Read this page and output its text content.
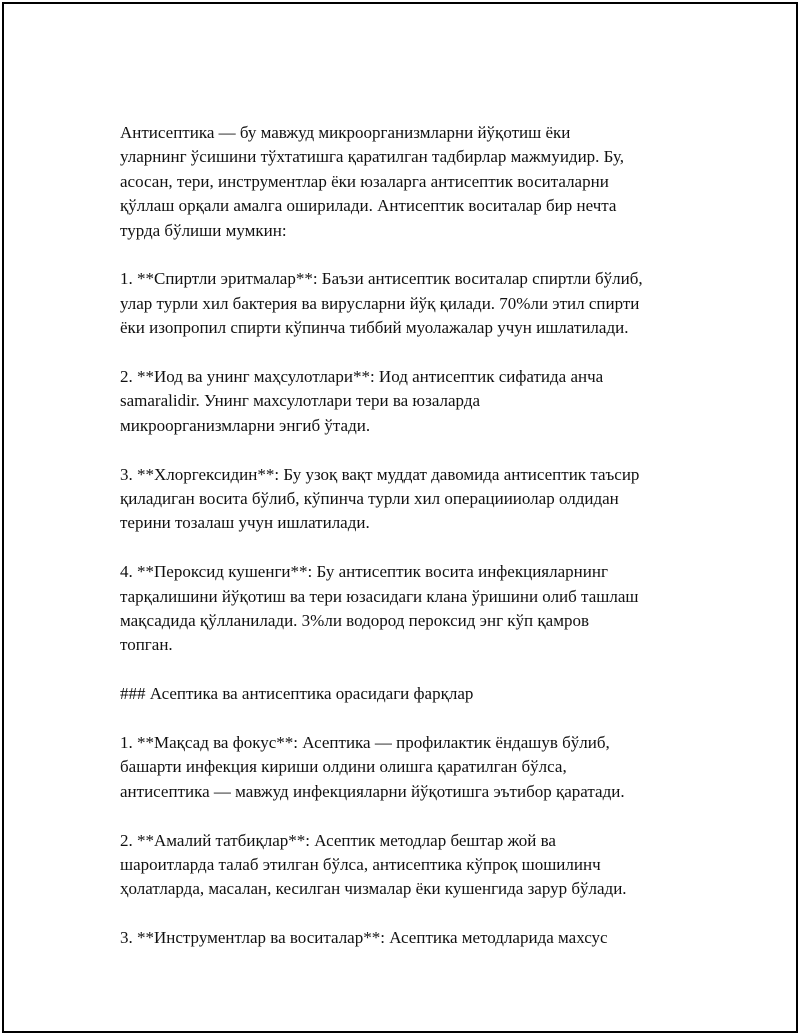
Антисептика — бу мавжуд микроорганизмларни йўқотиш ёки
уларнинг ўсишини тўхтатишга қаратилган тадбирлар мажмуидир. Бу,
асосан, тери, инструментлар ёки юзаларга антисептик воситаларни
қўллаш орқали амалга оширилади. Антисептик воситалар бир нечта
турда бўлиши мумкин:

1. **Спиртли эритмалар**: Баъзи антисептик воситалар спиртли бўлиб,
улар турли хил бактерия ва вирусларни йўқ қилади. 70%ли этил спирти
ёки изопропил спирти кўпинча тиббий муолажалар учун ишлатилади.

2. **Иод ва унинг маҳсулотлари**: Иод антисептик сифатида анча
samaralidir. Унинг махсулотлари тери ва юзаларда
микроорганизмларни энгиб ўтади.

3. **Хлоргексидин**: Бу узоқ вақт муддат давомида антисептик таъсир
қиладиган восита бўлиб, кўпинча турли хил операциииолар олдидан
терини тозалаш учун ишлатилади.

4. **Пероксид кушенги**: Бу антисептик восита инфекцияларнинг
тарқалишини йўқотиш ва тери юзасидаги клана ўришини олиб ташлаш
мақсадида қўлланилади. 3%ли водород пероксид энг кўп қамров
топган.

### Асептика ва антисептика орасидаги фарқлар

1. **Мақсад ва фокус**: Асептика — профилактик ёндашув бўлиб,
башарти инфекция кириши олдини олишга қаратилган бўлса,
антисептика — мавжуд инфекцияларни йўқотишга эътибор қаратади.

2. **Амалий татбиқлар**: Асептик методлар бештар жой ва
шароитларда талаб этилган бўлса, антисептика кўпроқ шошилинч
ҳолатларда, масалан, кесилган чизмалар ёки кушенгида зарур бўлади.

3. **Инструментлар ва воситалар**: Асептика методларида махсус
